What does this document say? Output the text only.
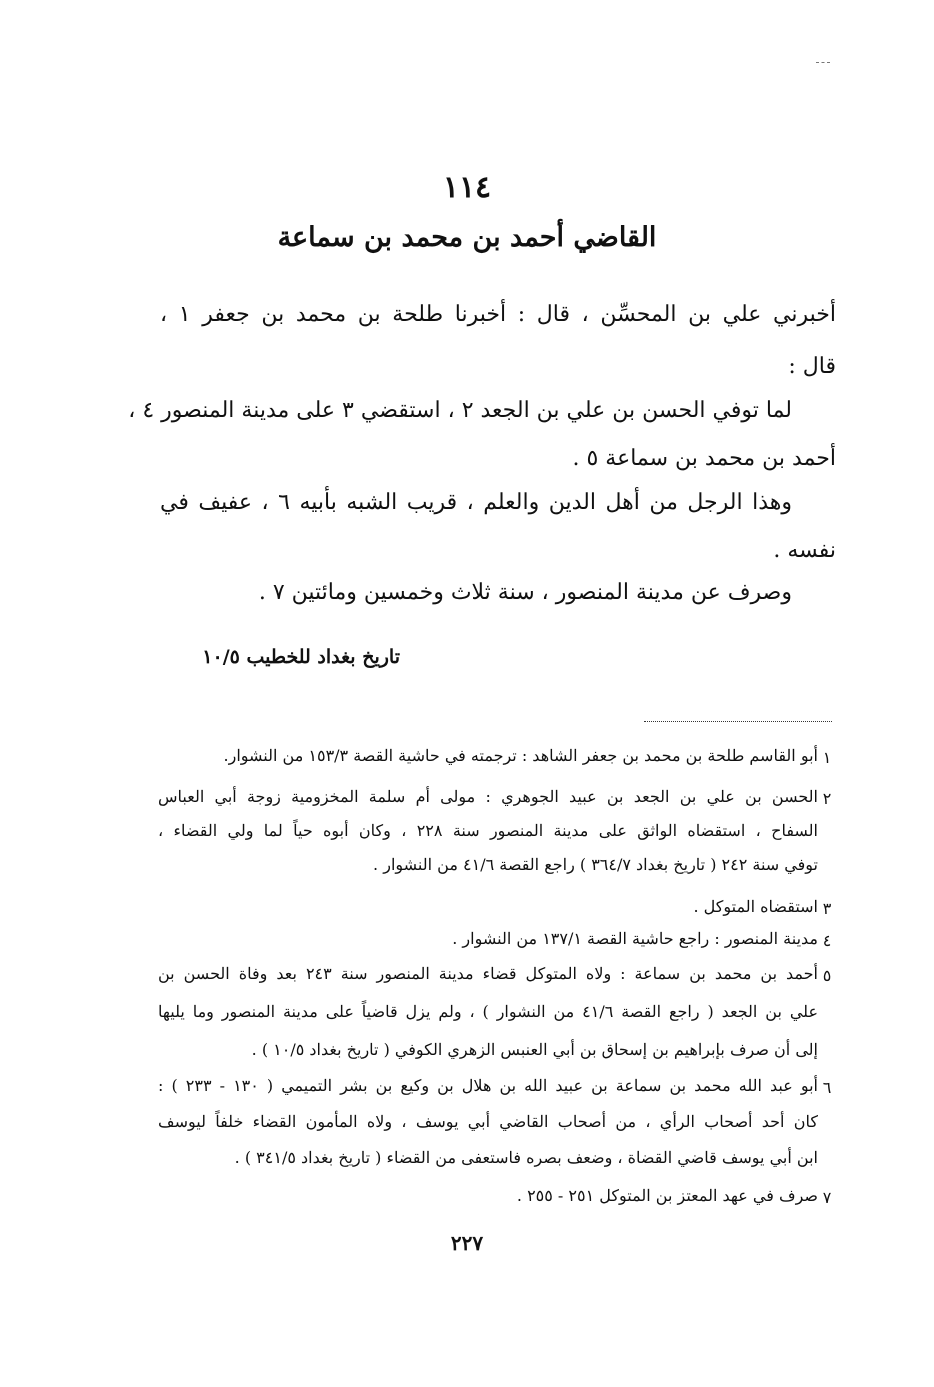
١١٤
القاضي أحمد بن محمد بن سماعة
أخبرني علي بن المحسِّن ، قال : أخبرنا طلحة بن محمد بن جعفر ١ ،
قال :
لما توفي الحسن بن علي بن الجعد ٢ ، استقضي ٣ على مدينة المنصور ٤ ،
أحمد بن محمد بن سماعة ٥ .
وهذا الرجل من أهل الدين والعلم ، قريب الشبه بأبيه ٦ ، عفيف في
نفسه .
وصرف عن مدينة المنصور ، سنة ثلاث وخمسين ومائتين ٧ .
تاريخ بغداد للخطيب ١٠/٥
١
أبو القاسم طلحة بن محمد بن جعفر الشاهد : ترجمته في حاشية القصة ١٥٣/٣ من النشوار.
٢
الحسن بن علي بن الجعد بن عبيد الجوهري : مولى أم سلمة المخزومية زوجة أبي العباس
السفاح ، استقضاه الواثق على مدينة المنصور سنة ٢٢٨ ، وكان أبوه حياً لما ولي القضاء ،
توفي سنة ٢٤٢ ( تاريخ بغداد ٣٦٤/٧ ) راجع القصة ٤١/٦ من النشوار .
٣
استقضاه المتوكل .
٤
مدينة المنصور : راجع حاشية القصة ١٣٧/١ من النشوار .
٥
أحمد بن محمد بن سماعة : ولاه المتوكل قضاء مدينة المنصور سنة ٢٤٣ بعد وفاة الحسن بن
علي بن الجعد ( راجع القصة ٤١/٦ من النشوار ) ، ولم يزل قاضياً على مدينة المنصور وما يليها
إلى أن صرف بإبراهيم بن إسحاق بن أبي العنبس الزهري الكوفي ( تاريخ بغداد ١٠/٥ ) .
٦
أبو عبد الله محمد بن سماعة بن عبيد الله بن هلال بن وكيع بن بشر التميمي ( ١٣٠ - ٢٣٣ ) :
كان أحد أصحاب الرأي ، من أصحاب القاضي أبي يوسف ، ولاه المأمون القضاء خلفاً ليوسف
ابن أبي يوسف قاضي القضاة ، وضعف بصره فاستعفى من القضاء ( تاريخ بغداد ٣٤١/٥ ) .
٧
صرف في عهد المعتز بن المتوكل ٢٥١ - ٢٥٥ .
٢٢٧
